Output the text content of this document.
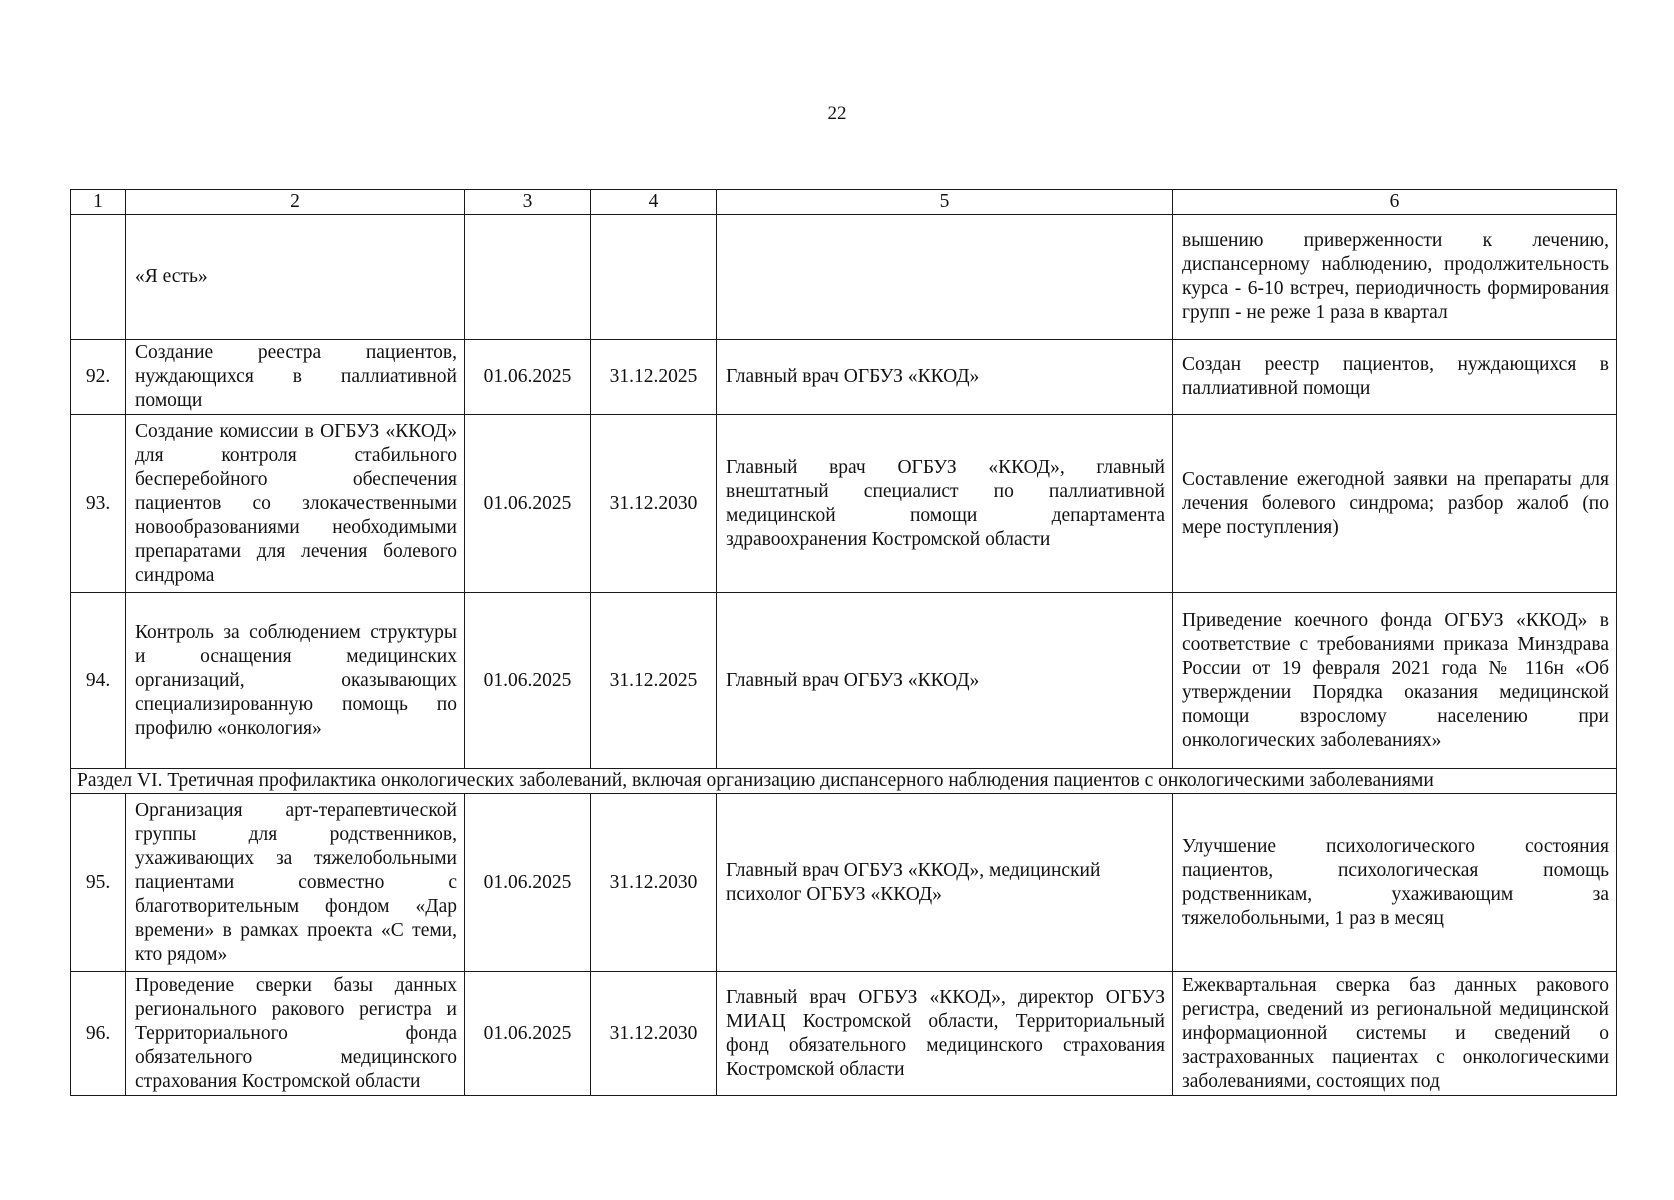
22
1	2	3	4	5	6
	«Я есть»				вышению приверженности к лечению, диспансерному наблюдению, продолжительность курса - 6-10 встреч, периодичность формирования групп - не реже 1 раза в квартал
92.	Создание реестра пациентов, нуждающихся в паллиативной помощи	01.06.2025	31.12.2025	Главный врач ОГБУЗ «ККОД»	Создан реестр пациентов, нуждающихся в паллиативной помощи
93.	Создание комиссии в ОГБУЗ «ККОД» для контроля стабильного бесперебойного обеспечения пациентов со злокачественными новообразованиями необходимыми препаратами для лечения болевого синдрома	01.06.2025	31.12.2030	Главный врач ОГБУЗ «ККОД», главный внештатный специалист по паллиативной медицинской помощи департамента здравоохранения Костромской области	Составление ежегодной заявки на препараты для лечения болевого синдрома; разбор жалоб (по мере поступления)
94.	Контроль за соблюдением структуры и оснащения медицинских организаций, оказывающих специализированную помощь по профилю «онкология»	01.06.2025	31.12.2025	Главный врач ОГБУЗ «ККОД»	Приведение коечного фонда ОГБУЗ «ККОД» в соответствие с требованиями приказа Минздрава России от 19 февраля 2021 года № 116н «Об утверждении Порядка оказания медицинской помощи взрослому населению при онкологических заболеваниях»
Раздел VI. Третичная профилактика онкологических заболеваний, включая организацию диспансерного наблюдения пациентов с онкологическими заболеваниями					
95.	Организация арт-терапевтической группы для родственников, ухаживающих за тяжелобольными пациентами совместно с благотворительным фондом «Дар времени» в рамках проекта «С теми, кто рядом»	01.06.2025	31.12.2030	Главный врач ОГБУЗ «ККОД», медицинский психолог ОГБУЗ «ККОД»	Улучшение психологического состояния пациентов, психологическая помощь родственникам, ухаживающим за тяжелобольными, 1 раз в месяц
96.	Проведение сверки базы данных регионального ракового регистра и Территориального фонда обязательного медицинского страхования Костромской области	01.06.2025	31.12.2030	Главный врач ОГБУЗ «ККОД», директор ОГБУЗ МИАЦ Костромской области, Территориальный фонд обязательного медицинского страхования Костромской области	Ежеквартальная сверка баз данных ракового регистра, сведений из региональной медицинской информационной системы и сведений о застрахованных пациентах с онкологическими заболеваниями, состоящих под
